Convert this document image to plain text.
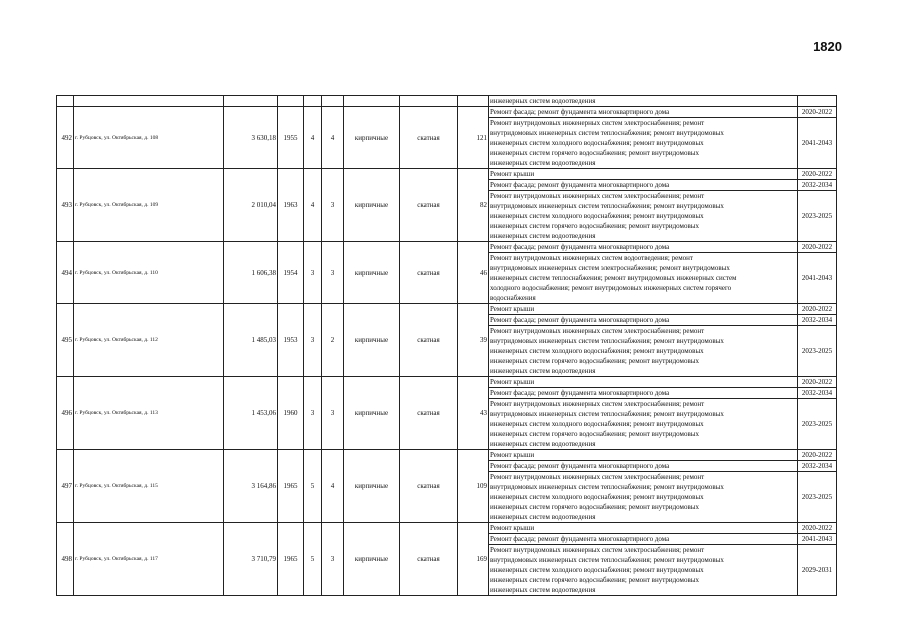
1820
									инженерных систем водоотведения	
492	г. Рубцовск, ул. Октябрьская, д. 108	3 630,18	1955	4	4	кирпичные	скатная	121	Ремонт фасада; ремонт фундамента многоквартирного дома	2020-2022
									Ремонт внутридомовых инженерных систем электроснабжения; ремонт
внутридомовых инженерных систем теплоснабжения; ремонт внутридомовых
инженерных систем холодного водоснабжения; ремонт внутридомовых
инженерных систем горячего водоснабжения; ремонт внутридомовых
инженерных систем водоотведения	2041-2043
493	г. Рубцовск, ул. Октябрьская, д. 109	2 010,04	1963	4	3	кирпичные	скатная	82	Ремонт крыши	2020-2022
									Ремонт фасада; ремонт фундамента многоквартирного дома	2032-2034
									Ремонт внутридомовых инженерных систем электроснабжения; ремонт
внутридомовых инженерных систем теплоснабжения; ремонт внутридомовых
инженерных систем холодного водоснабжения; ремонт внутридомовых
инженерных систем горячего водоснабжения; ремонт внутридомовых
инженерных систем водоотведения	2023-2025
494	г. Рубцовск, ул. Октябрьская, д. 110	1 606,38	1954	3	3	кирпичные	скатная	46	Ремонт фасада; ремонт фундамента многоквартирного дома	2020-2022
									Ремонт внутридомовых инженерных систем водоотведения; ремонт
внутридомовых инженерных систем электроснабжения; ремонт внутридомовых
инженерных систем теплоснабжения; ремонт внутридомовых инженерных систем
холодного водоснабжения; ремонт внутридомовых инженерных систем горячего
водоснабжения	2041-2043
495	г. Рубцовск, ул. Октябрьская, д. 112	1 485,03	1953	3	2	кирпичные	скатная	39	Ремонт крыши	2020-2022
									Ремонт фасада; ремонт фундамента многоквартирного дома	2032-2034
									Ремонт внутридомовых инженерных систем электроснабжения; ремонт
внутридомовых инженерных систем теплоснабжения; ремонт внутридомовых
инженерных систем холодного водоснабжения; ремонт внутридомовых
инженерных систем горячего водоснабжения; ремонт внутридомовых
инженерных систем водоотведения	2023-2025
496	г. Рубцовск, ул. Октябрьская, д. 113	1 453,06	1960	3	3	кирпичные	скатная	43	Ремонт крыши	2020-2022
									Ремонт фасада; ремонт фундамента многоквартирного дома	2032-2034
									Ремонт внутридомовых инженерных систем электроснабжения; ремонт
внутридомовых инженерных систем теплоснабжения; ремонт внутридомовых
инженерных систем холодного водоснабжения; ремонт внутридомовых
инженерных систем горячего водоснабжения; ремонт внутридомовых
инженерных систем водоотведения	2023-2025
497	г. Рубцовск, ул. Октябрьская, д. 115	3 164,86	1965	5	4	кирпичные	скатная	109	Ремонт крыши	2020-2022
									Ремонт фасада; ремонт фундамента многоквартирного дома	2032-2034
									Ремонт внутридомовых инженерных систем электроснабжения; ремонт
внутридомовых инженерных систем теплоснабжения; ремонт внутридомовых
инженерных систем холодного водоснабжения; ремонт внутридомовых
инженерных систем горячего водоснабжения; ремонт внутридомовых
инженерных систем водоотведения	2023-2025
498	г. Рубцовск, ул. Октябрьская, д. 117	3 710,79	1965	5	3	кирпичные	скатная	169	Ремонт крыши	2020-2022
									Ремонт фасада; ремонт фундамента многоквартирного дома	2041-2043
									Ремонт внутридомовых инженерных систем электроснабжения; ремонт
внутридомовых инженерных систем теплоснабжения; ремонт внутридомовых
инженерных систем холодного водоснабжения; ремонт внутридомовых
инженерных систем горячего водоснабжения; ремонт внутридомовых
инженерных систем водоотведения	2029-2031
